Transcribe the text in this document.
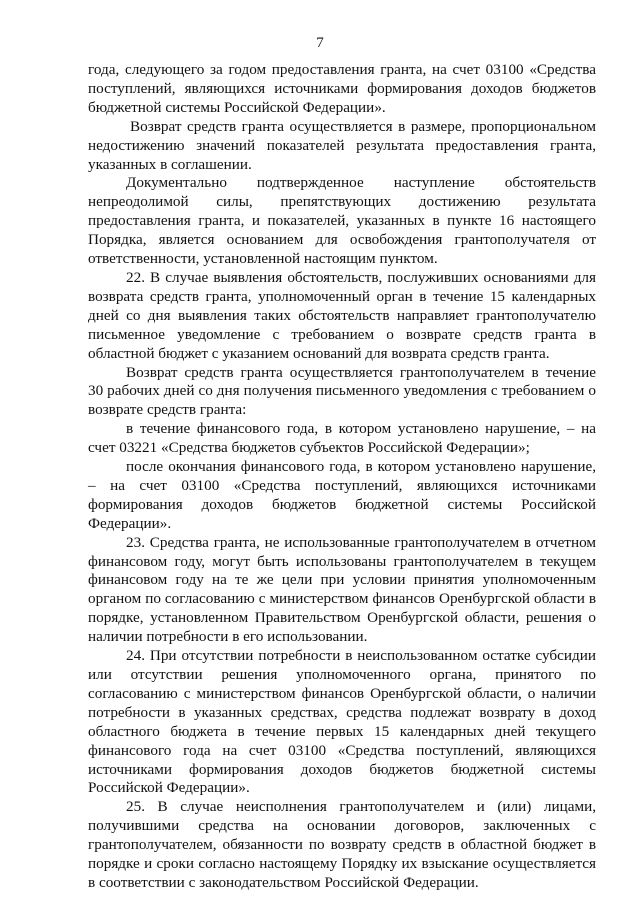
7

года, следующего за годом предоставления гранта, на счет 03100 «Средства поступлений, являющихся источниками формирования доходов бюджетов бюджетной системы Российской Федерации».

Возврат средств гранта осуществляется в размере, пропорциональном недостижению значений показателей результата предоставления гранта, указанных в соглашении.

Документально подтвержденное наступление обстоятельств непреодолимой силы, препятствующих достижению результата предоставления гранта, и показателей, указанных в пункте 16 настоящего Порядка, является основанием для освобождения грантополучателя от ответственности, установленной настоящим пунктом.

22. В случае выявления обстоятельств, послуживших основаниями для возврата средств гранта, уполномоченный орган в течение 15 календарных дней со дня выявления таких обстоятельств направляет грантополучателю письменное уведомление с требованием о возврате средств гранта в областной бюджет с указанием оснований для возврата средств гранта.

Возврат средств гранта осуществляется грантополучателем в течение 30 рабочих дней со дня получения письменного уведомления с требованием о возврате средств гранта:

в течение финансового года, в котором установлено нарушение, – на счет 03221 «Средства бюджетов субъектов Российской Федерации»;

после окончания финансового года, в котором установлено нарушение, – на счет 03100 «Средства поступлений, являющихся источниками формирования доходов бюджетов бюджетной системы Российской Федерации».

23. Средства гранта, не использованные грантополучателем в отчетном финансовом году, могут быть использованы грантополучателем в текущем финансовом году на те же цели при условии принятия уполномоченным органом по согласованию с министерством финансов Оренбургской области в порядке, установленном Правительством Оренбургской области, решения о наличии потребности в его использовании.

24. При отсутствии потребности в неиспользованном остатке субсидии или отсутствии решения уполномоченного органа, принятого по согласованию с министерством финансов Оренбургской области, о наличии потребности в указанных средствах, средства подлежат возврату в доход областного бюджета в течение первых 15 календарных дней текущего финансового года на счет 03100 «Средства поступлений, являющихся источниками формирования доходов бюджетов бюджетной системы Российской Федерации».

25. В случае неисполнения грантополучателем и (или) лицами, получившими средства на основании договоров, заключенных с грантополучателем, обязанности по возврату средств в областной бюджет в порядке и сроки согласно настоящему Порядку их взыскание осуществляется в соответствии с законодательством Российской Федерации.
